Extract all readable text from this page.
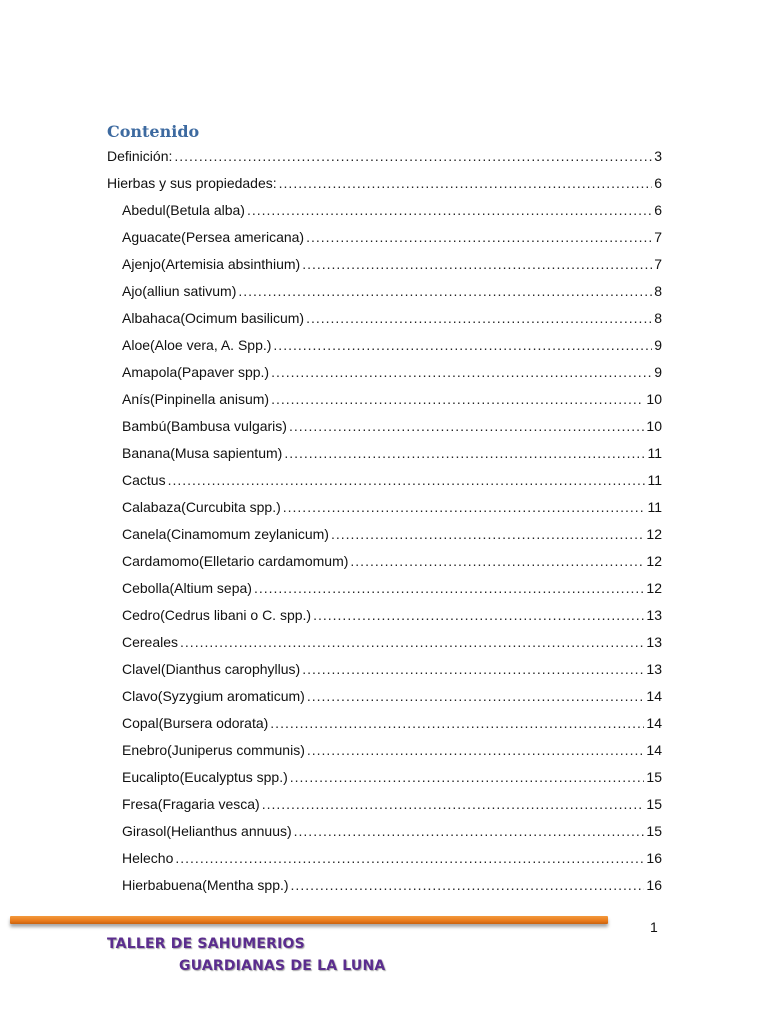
Contenido
Definición: .....	3
Hierbas y sus propiedades: .....	6
Abedul(Betula alba) .....	6
Aguacate(Persea americana) .....	7
Ajenjo(Artemisia absinthium) .....	7
Ajo(alliun sativum) .....	8
Albahaca(Ocimum basilicum) .....	8
Aloe(Aloe vera, A. Spp.) .....	9
Amapola(Papaver spp.) .....	9
Anís(Pinpinella anisum) .....	10
Bambú(Bambusa vulgaris) .....	10
Banana(Musa sapientum) .....	11
Cactus .....	11
Calabaza(Curcubita spp.) .....	11
Canela(Cinamomum zeylanicum) .....	12
Cardamomo(Elletario cardamomum) .....	12
Cebolla(Altium sepa) .....	12
Cedro(Cedrus libani o C. spp.) .....	13
Cereales .....	13
Clavel(Dianthus carophyllus) .....	13
Clavo(Syzygium aromaticum) .....	14
Copal(Bursera odorata) .....	14
Enebro(Juniperus communis) .....	14
Eucalipto(Eucalyptus spp.) .....	15
Fresa(Fragaria vesca) .....	15
Girasol(Helianthus annuus) .....	15
Helecho .....	16
Hierbabuena(Mentha spp.) .....	16
1

TALLER DE SAHUMERIOS

GUARDIANAS DE LA LUNA
